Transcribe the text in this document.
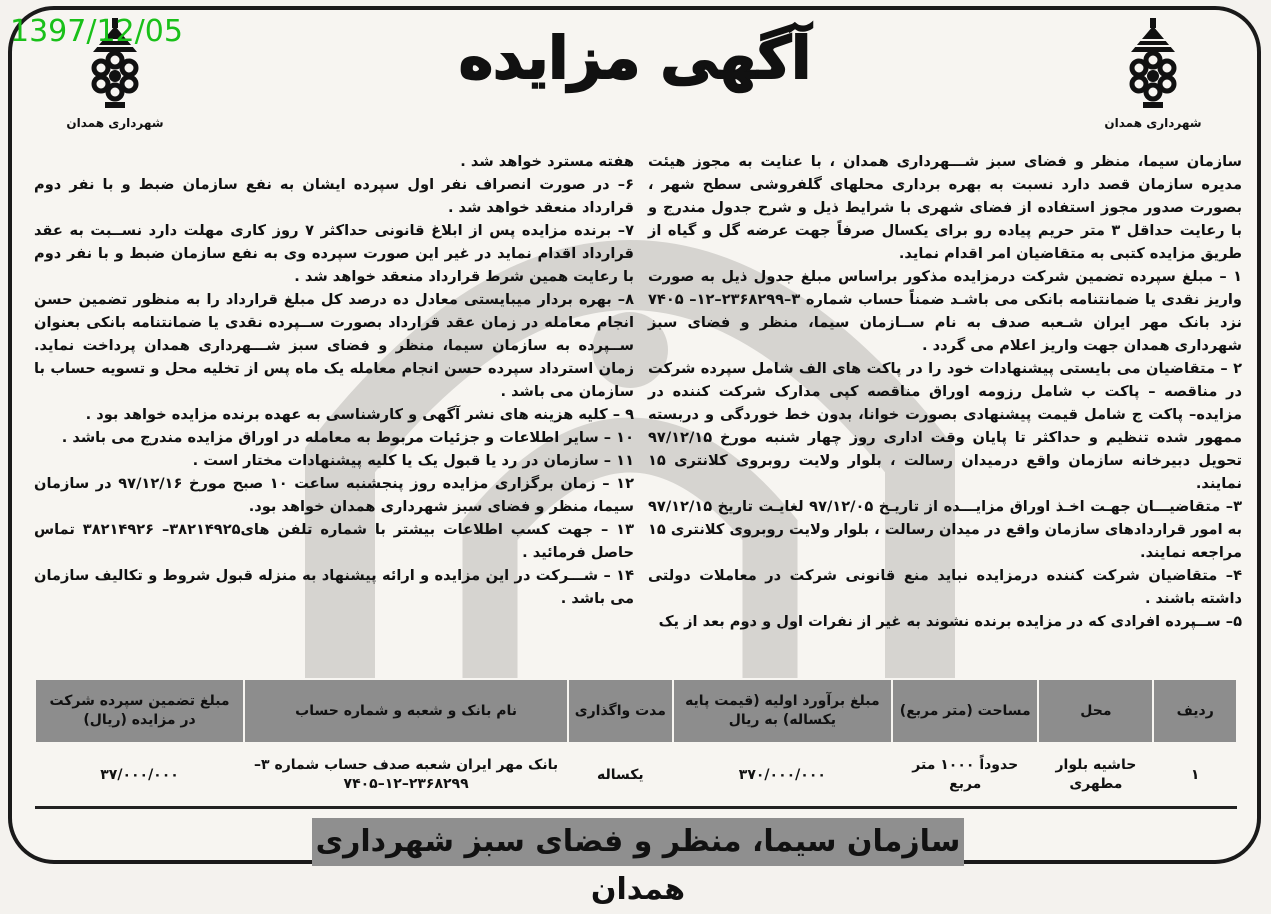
1397/12/05
شهرداری همدان
شهرداری همدان
آگهی مزایده

سازمان سیما، منظر و فضای سبز شـــهرداری همدان ، با عنایت به مجوز هیئت مدیره سازمان قصد دارد نسبت به بهره برداری محلهای گلفروشی سطح شهر ، بصورت صدور مجوز استفاده از فضای شهری با شرایط ذیل و شرح جدول مندرج و با رعایت حداقل ۳ متر حریم پیاده رو برای یکسال صرفاً جهت عرضه گل و گیاه از طریق مزایده کتبی به متقاضیان امر اقدام نماید.

۱ – مبلغ سپرده تضمین شرکت درمزایده مذکور براساس مبلغ جدول ذیل به صورت واریز نقدی یا ضمانتنامه بانکی می باشـد ضمناً حساب شماره ۳–۲۳۶۸۲۹۹–۱۲– ۷۴۰۵ نزد بانک مهر ایران شـعبه صدف به نام ســازمان سیما، منظر و فضای سبز شهرداری همدان جهت واریز اعلام می گردد .

۲ – متقاضیان می بایستی پیشنهادات خود را در پاکت های الف شامل سپرده شرکت در مناقصه – پاکت ب شامل رزومه اوراق مناقصه کپی مدارک شرکت کننده در مزایده– پاکت ج شامل قیمت پیشنهادی بصورت خوانا، بدون خط خوردگی و دربسته ممهور شده تنظیم و حداکثر تا پایان وقت اداری روز چهار شنبه مورخ ۹۷/۱۲/۱۵ تحویل دبیرخانه سازمان واقع درمیدان رسالت ، بلوار ولایت روبروی کلانتری ۱۵ نمایند.

۳– متقاضیـــان جهـت اخـذ اوراق مزایـــده از تاریـخ ۹۷/۱۲/۰۵ لغایـت تاریخ ۹۷/۱۲/۱۵ به امور قراردادهای سازمان واقع در میدان رسالت ، بلوار ولایت روبروی کلانتری ۱۵ مراجعه نمایند.

۴– متقاضیان شرکت کننده درمزایده نباید منع قانونی شرکت در معاملات دولتی داشته باشند .

۵– ســپرده افرادی که در مزایده برنده نشوند به غیر از نفرات اول و دوم بعد از یک

هفته مسترد خواهد شد .

۶– در صورت انصراف نفر اول سپرده ایشان به نفع سازمان ضبط و با نفر دوم قرارداد منعقد خواهد شد .

۷– برنده مزایده پس از ابلاغ قانونی حداکثر ۷ روز کاری مهلت دارد نســبت به عقد قرارداد اقدام نماید در غیر این صورت سپرده وی به نفع سازمان ضبط و با نفر دوم با رعایت همین شرط قرارداد منعقد خواهد شد .

۸– بهره بردار میبایستی معادل ده درصد کل مبلغ قرارداد را به منظور تضمین حسن انجام معامله در زمان عقد قرارداد بصورت ســپرده نقدی یا ضمانتنامه بانکی بعنوان ســپرده به سازمان سیما، منظر و فضای سبز شـــهرداری همدان پرداخت نماید. زمان استرداد سپرده حسن انجام معامله یک ماه پس از تخلیه محل و تسویه حساب با سازمان می باشد .

۹ – کلیه هزینه های نشر آگهی و کارشناسی به عهده برنده مزایده خواهد بود .

۱۰ – سایر اطلاعات و جزئیات مربوط به معامله در اوراق مزایده مندرج می باشد .

۱۱ – سازمان در رد یا قبول یک یا کلیه پیشنهادات مختار است .

۱۲ – زمان برگزاری مزایده روز پنجشنبه ساعت ۱۰ صبح مورخ ۹۷/۱۲/۱۶ در سازمان سیما، منظر و فضای سبز شهرداری همدان خواهد بود.

۱۳ – جهت کسب اطلاعات بیشتر با شماره تلفن های۳۸۲۱۴۹۲۵– ۳۸۲۱۴۹۲۶ تماس حاصل فرمائید .

۱۴ – شـــرکت در این مزایده و ارائه پیشنهاد به منزله قبول شروط و تکالیف سازمان می باشد .

ردیف	محل	مساحت (متر مربع)	مبلغ برآورد اولیه (قیمت پایه یکساله) به ریال	مدت واگذاری	نام بانک و شعبه و شماره حساب	مبلغ تضمین سپرده شرکت در مزایده (ریال)
۱	حاشیه بلوار مطهری	حدوداً ۱۰۰۰ متر مربع	۳۷۰/۰۰۰/۰۰۰	یکساله	بانک مهر ایران شعبه صدف حساب شماره ۳–۲۳۶۸۲۹۹–۱۲–۷۴۰۵	۳۷/۰۰۰/۰۰۰
سازمان سیما، منظر و فضای سبز شهرداری همدان
